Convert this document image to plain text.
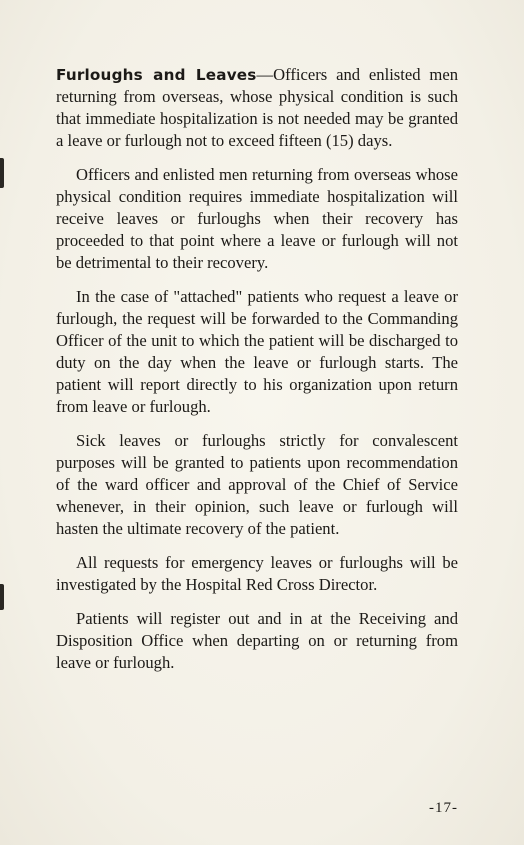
Furloughs and Leaves—Officers and enlisted men returning from overseas, whose physical condition is such that immediate hospitalization is not needed may be granted a leave or furlough not to exceed fifteen (15) days.

Officers and enlisted men returning from overseas whose physical condition requires immediate hospitalization will receive leaves or furloughs when their recovery has proceeded to that point where a leave or furlough will not be detrimental to their recovery.

In the case of "attached" patients who request a leave or furlough, the request will be forwarded to the Commanding Officer of the unit to which the patient will be discharged to duty on the day when the leave or furlough starts. The patient will report directly to his organization upon return from leave or furlough.

Sick leaves or furloughs strictly for convalescent purposes will be granted to patients upon recommendation of the ward officer and approval of the Chief of Service whenever, in their opinion, such leave or furlough will hasten the ultimate recovery of the patient.

All requests for emergency leaves or furloughs will be investigated by the Hospital Red Cross Director.

Patients will register out and in at the Receiving and Disposition Office when departing on or returning from leave or furlough.

-17-
